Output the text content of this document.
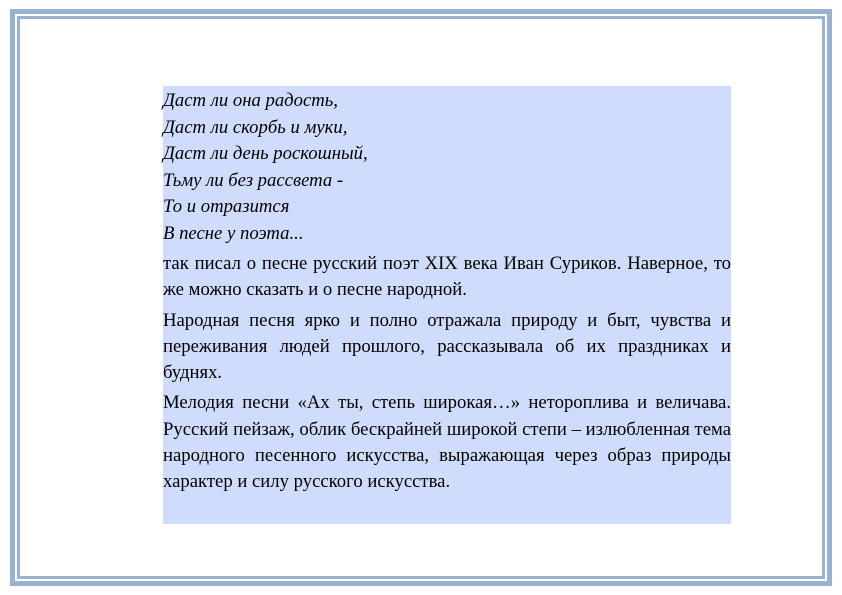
Даст ли она радость,
Даст ли скорбь и муки,
Даст ли день роскошный,
Тьму ли без рассвета -
То и отразится
В песне у поэта...

так писал о песне русский поэт XIX века Иван Суриков. Наверное, то же можно сказать и о песне народной.

Народная песня ярко и полно отражала природу и быт, чувства и переживания людей прошлого, рассказывала об их праздниках и буднях.

Мелодия песни «Ах ты, степь широкая…» нетороплива и величава. Русский пейзаж, облик бескрайней широкой степи – излюбленная тема народного песенного искусства, выражающая через образ природы характер и силу русского искусства.
